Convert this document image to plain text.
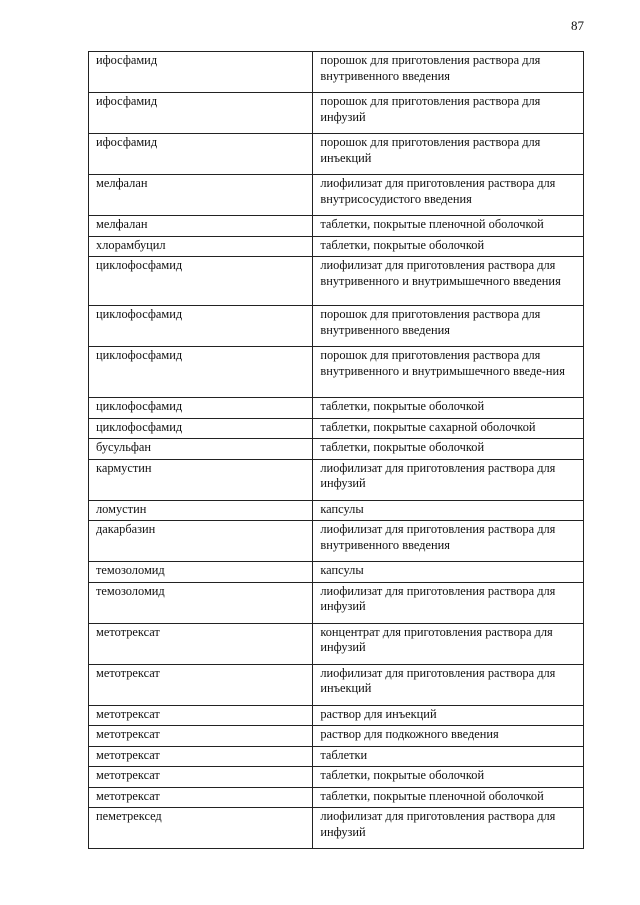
87
ифосфамид	порошок для приготовления раствора для внутривенного введения
ифосфамид	порошок для приготовления раствора для инфузий
ифосфамид	порошок для приготовления раствора для инъекций
мелфалан	лиофилизат для приготовления раствора для внутрисосудистого введения
мелфалан	таблетки, покрытые пленочной оболочкой
хлорамбуцил	таблетки, покрытые оболочкой
циклофосфамид	лиофилизат для приготовления раствора для внутривенного и внутримышечного введения
циклофосфамид	порошок для приготовления раствора для внутривенного введения
циклофосфамид	порошок для приготовления раствора для внутривенного и внутримышечного введе-ния
циклофосфамид	таблетки, покрытые оболочкой
циклофосфамид	таблетки, покрытые сахарной оболочкой
бусульфан	таблетки, покрытые оболочкой
кармустин	лиофилизат для приготовления раствора для инфузий
ломустин	капсулы
дакарбазин	лиофилизат для приготовления раствора для внутривенного введения
темозоломид	капсулы
темозоломид	лиофилизат для приготовления раствора для инфузий
метотрексат	концентрат для приготовления раствора для инфузий
метотрексат	лиофилизат для приготовления раствора для инъекций
метотрексат	раствор для инъекций
метотрексат	раствор для подкожного введения
метотрексат	таблетки
метотрексат	таблетки, покрытые оболочкой
метотрексат	таблетки, покрытые пленочной оболочкой
пеметрексед	лиофилизат для приготовления раствора для инфузий
